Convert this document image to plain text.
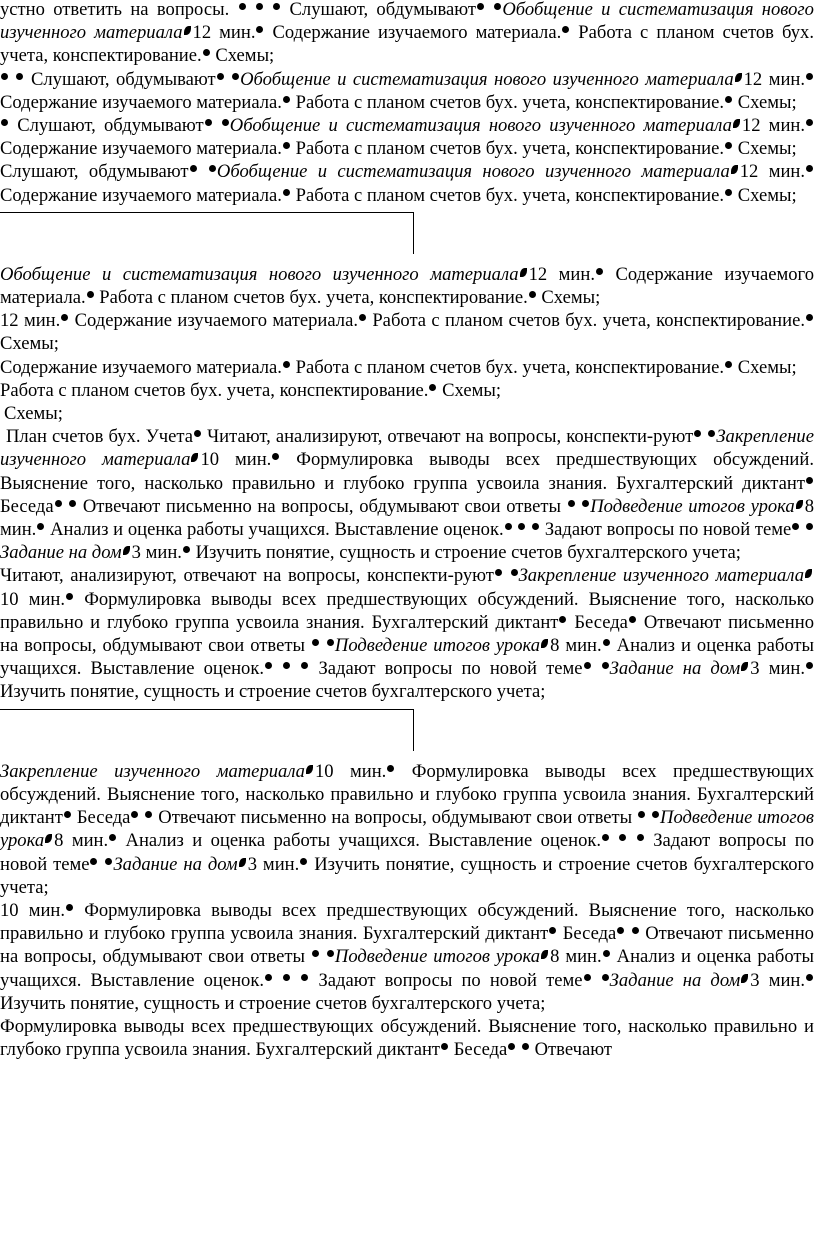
устно ответить на вопросы.	Слушают, обдумывают Обобщение и систематизация нового изученного материала 12 мин. Содержание изучаемого материала. Работа с планом счетов бух. учета, конспектирование. Схемы;

Слушают, обдумывают Обобщение и систематизация нового изученного материала 12 мин. Содержание изучаемого материала. Работа с планом счетов бух. учета, конспектирование. Схемы;

Слушают, обдумывают Обобщение и систематизация нового изученного материала 12 мин. Содержание изучаемого материала. Работа с планом счетов бух. учета, конспектирование. Схемы;

Слушают, обдумывают Обобщение и систематизация нового изученного материала 12 мин. Содержание изучаемого материала. Работа с планом счетов бух. учета, конспектирование. Схемы;

Обобщение и систематизация нового изученного материала 12 мин. Содержание изучаемого материала. Работа с планом счетов бух. учета, конспектирование. Схемы;

12 мин. Содержание изучаемого материала. Работа с планом счетов бух. учета, конспектирование. Схемы;

Содержание изучаемого материала. Работа с планом счетов бух. учета, конспектирование. Схемы;

Работа с планом счетов бух. учета, конспектирование. Схемы;

Схемы;

План счетов бух. Учета Читают, анализируют, отвечают на вопросы, конспекти-руют Закрепление изученного материала 10 мин. Формулировка выводы всех предшествующих обсуждений. Выяснение того, насколько правильно и глубоко группа усвоила знания. Бухгалтерский диктант Беседа Отвечают письменно на вопросы, обдумывают свои ответы Подведение итогов урока 8 мин. Анализ и оценка работы учащихся. Выставление оценок. Задают вопросы по новой теме Задание на дом 3 мин. Изучить понятие, сущность и строение счетов бухгалтерского учета;

Читают, анализируют, отвечают на вопросы, конспекти-руют Закрепление изученного материала10 мин. Формулировка выводы всех предшествующих обсуждений. Выяснение того, насколько правильно и глубоко группа усвоила знания. Бухгалтерский диктант Беседа Отвечают письменно на вопросы, обдумывают свои ответы Подведение итогов урока 8 мин. Анализ и оценка работы учащихся. Выставление оценок.	Задают вопросы по новой теме Задание на дом 3 мин. Изучить понятие, сущность и строение счетов бухгалтерского учета;

Закрепление изученного материала 10 мин. Формулировка выводы всех предшествующих обсуждений. Выяснение того, насколько правильно и глубоко группа усвоила знания. Бухгалтерский диктант Беседа Отвечают письменно на вопросы, обдумывают свои ответы Подведение итогов урока 8 мин. Анализ и оценка работы учащихся. Выставление оценок.	Задают вопросы по новой теме Задание на дом 3 мин. Изучить понятие, сущность и строение счетов бухгалтерского учета;

10 мин. Формулировка выводы всех предшествующих обсуждений. Выяснение того, насколько правильно и глубоко группа усвоила знания. Бухгалтерский диктант Беседа Отвечают письменно на вопросы, обдумывают свои ответы Подведение итогов урока 8 мин. Анализ и оценка работы учащихся. Выставление оценок.	Задают вопросы по новой теме Задание на дом 3 мин. Изучить понятие, сущность и строение счетов бухгалтерского учета;

Формулировка выводы всех предшествующих обсуждений. Выяснение того, насколько правильно и глубоко группа усвоила знания. Бухгалтерский диктант Беседа Отвечают
